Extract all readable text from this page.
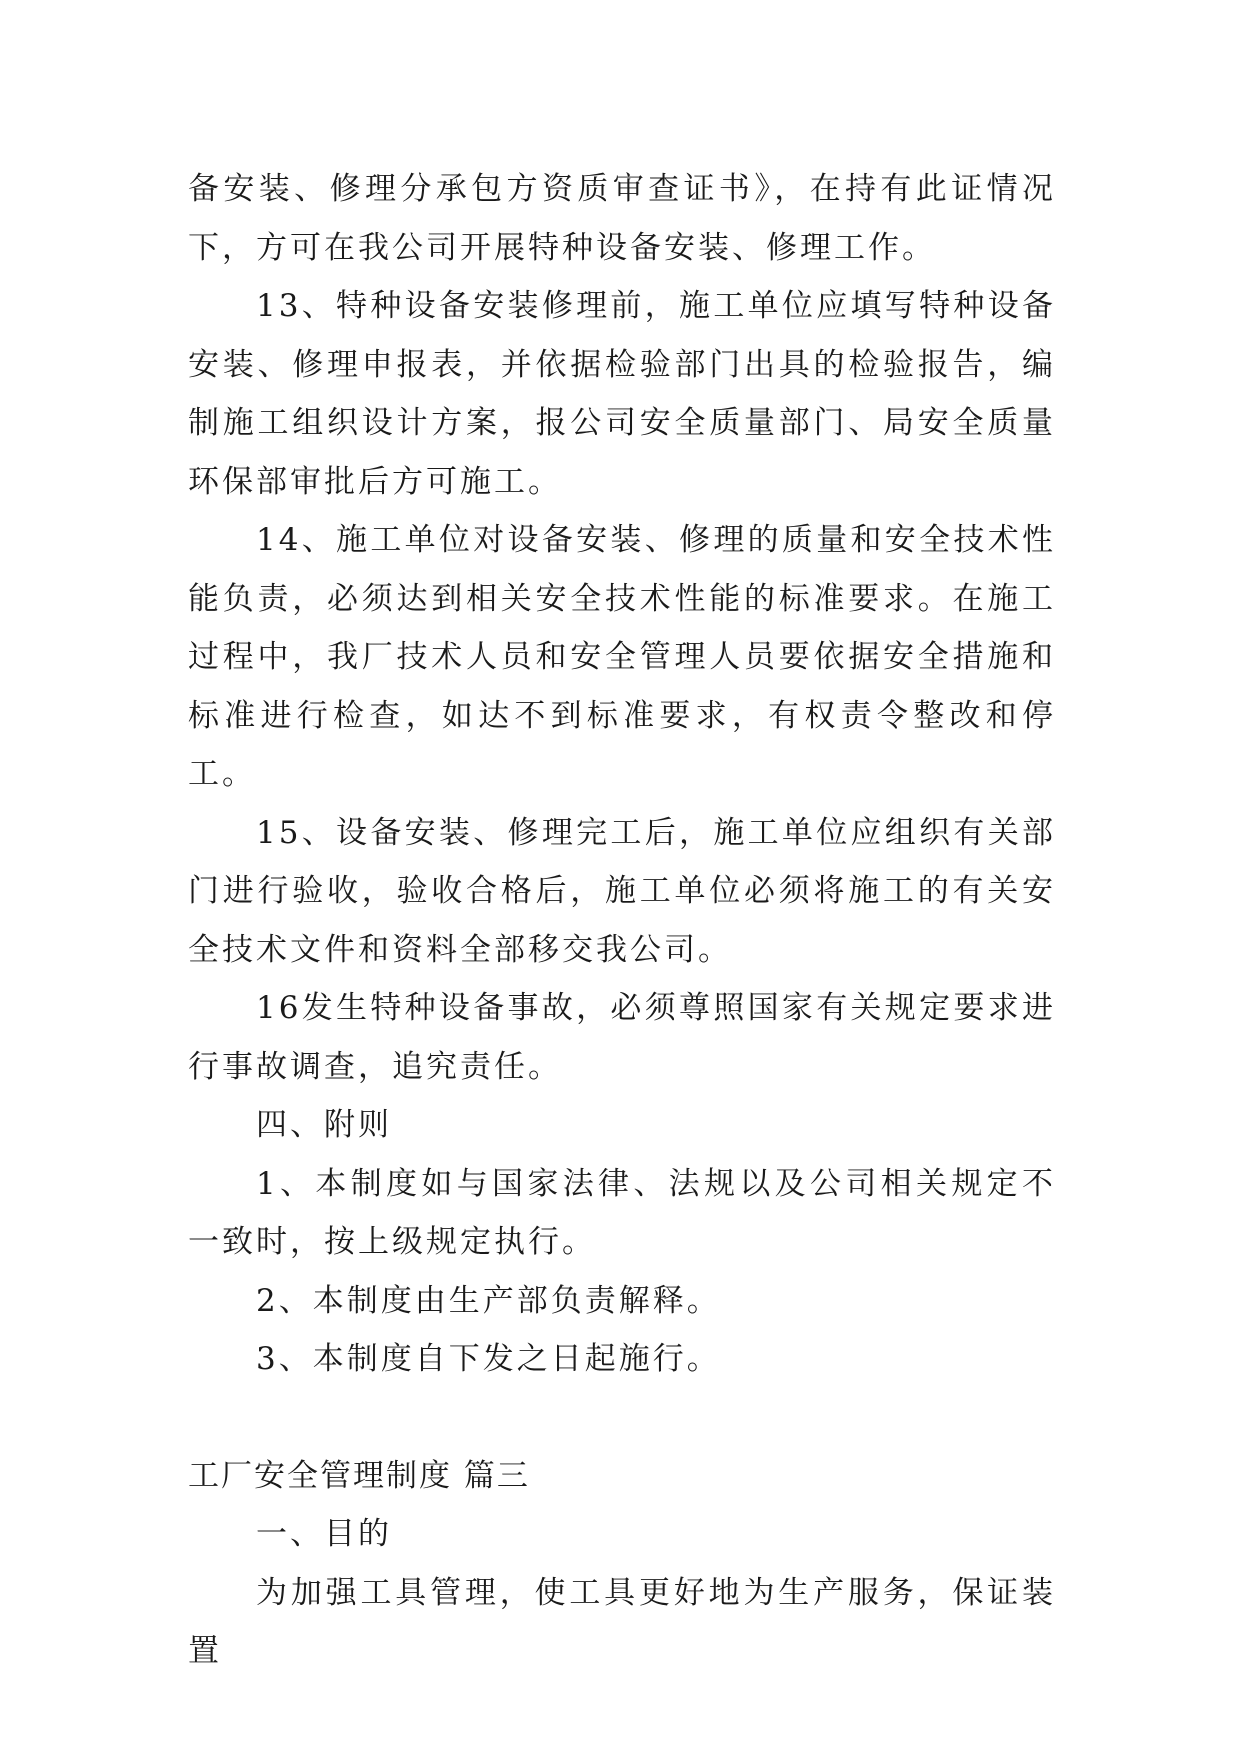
备安装、修理分承包方资质审查证书》，在持有此证情况下，方可在我公司开展特种设备安装、修理工作。

13、特种设备安装修理前，施工单位应填写特种设备安装、修理申报表，并依据检验部门出具的检验报告，编制施工组织设计方案，报公司安全质量部门、局安全质量环保部审批后方可施工。

14、施工单位对设备安装、修理的质量和安全技术性能负责，必须达到相关安全技术性能的标准要求。在施工过程中，我厂技术人员和安全管理人员要依据安全措施和标准进行检查，如达不到标准要求，有权责令整改和停工。

15、设备安装、修理完工后，施工单位应组织有关部门进行验收，验收合格后，施工单位必须将施工的有关安全技术文件和资料全部移交我公司。

16发生特种设备事故，必须尊照国家有关规定要求进行事故调查，追究责任。

四、附则

1、本制度如与国家法律、法规以及公司相关规定不一致时，按上级规定执行。

2、本制度由生产部负责解释。

3、本制度自下发之日起施行。

工厂安全管理制度 篇三

一、目的

为加强工具管理，使工具更好地为生产服务，保证装置
